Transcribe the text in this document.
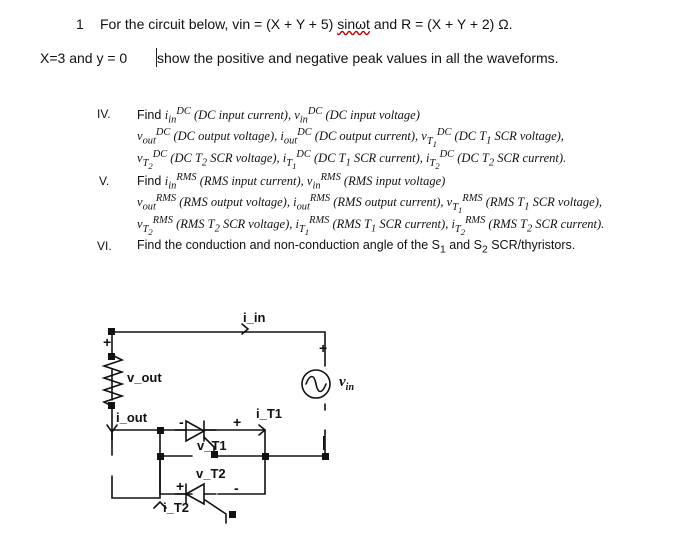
1 For the circuit below, vin = (X + Y + 5) sinωt and R = (X + Y + 2) Ω.
X=3 and y = 0 show the positive and negative peak values in all the waveforms.
IV. Find $i_{in}^{DC}$ (DC input current), $v_{in}^{DC}$ (DC input voltage)
$v_{out}^{DC}$ (DC output voltage), $i_{out}^{DC}$ (DC output current), $v_{T_1}^{DC}$ (DC $T_1$ SCR voltage),
$v_{T_2}^{DC}$ (DC $T_2$ SCR voltage), $i_{T_1}^{DC}$ (DC $T_1$ SCR current), $i_{T_2}^{DC}$ (DC $T_2$ SCR current).
V. Find $i_{in}^{RMS}$ (RMS input current), $v_{in}^{RMS}$ (RMS input voltage)
$v_{out}^{RMS}$ (RMS output voltage), $i_{out}^{RMS}$ (RMS output current), $v_{T_1}^{RMS}$ (RMS $T_1$ SCR voltage),
$v_{T_2}^{RMS}$ (RMS $T_2$ SCR voltage), $i_{T_1}^{RMS}$ (RMS $T_1$ SCR current), $i_{T_2}^{RMS}$ (RMS $T_2$ SCR current).
VI. Find the conduction and non-conduction angle of the $S_1$ and $S_2$ SCR/thyristors.
i_in
v_out
i_out	i_T1
v_T1
v_T2
i_T2
$v_{in}$
+	+
—
-	+
+	-
